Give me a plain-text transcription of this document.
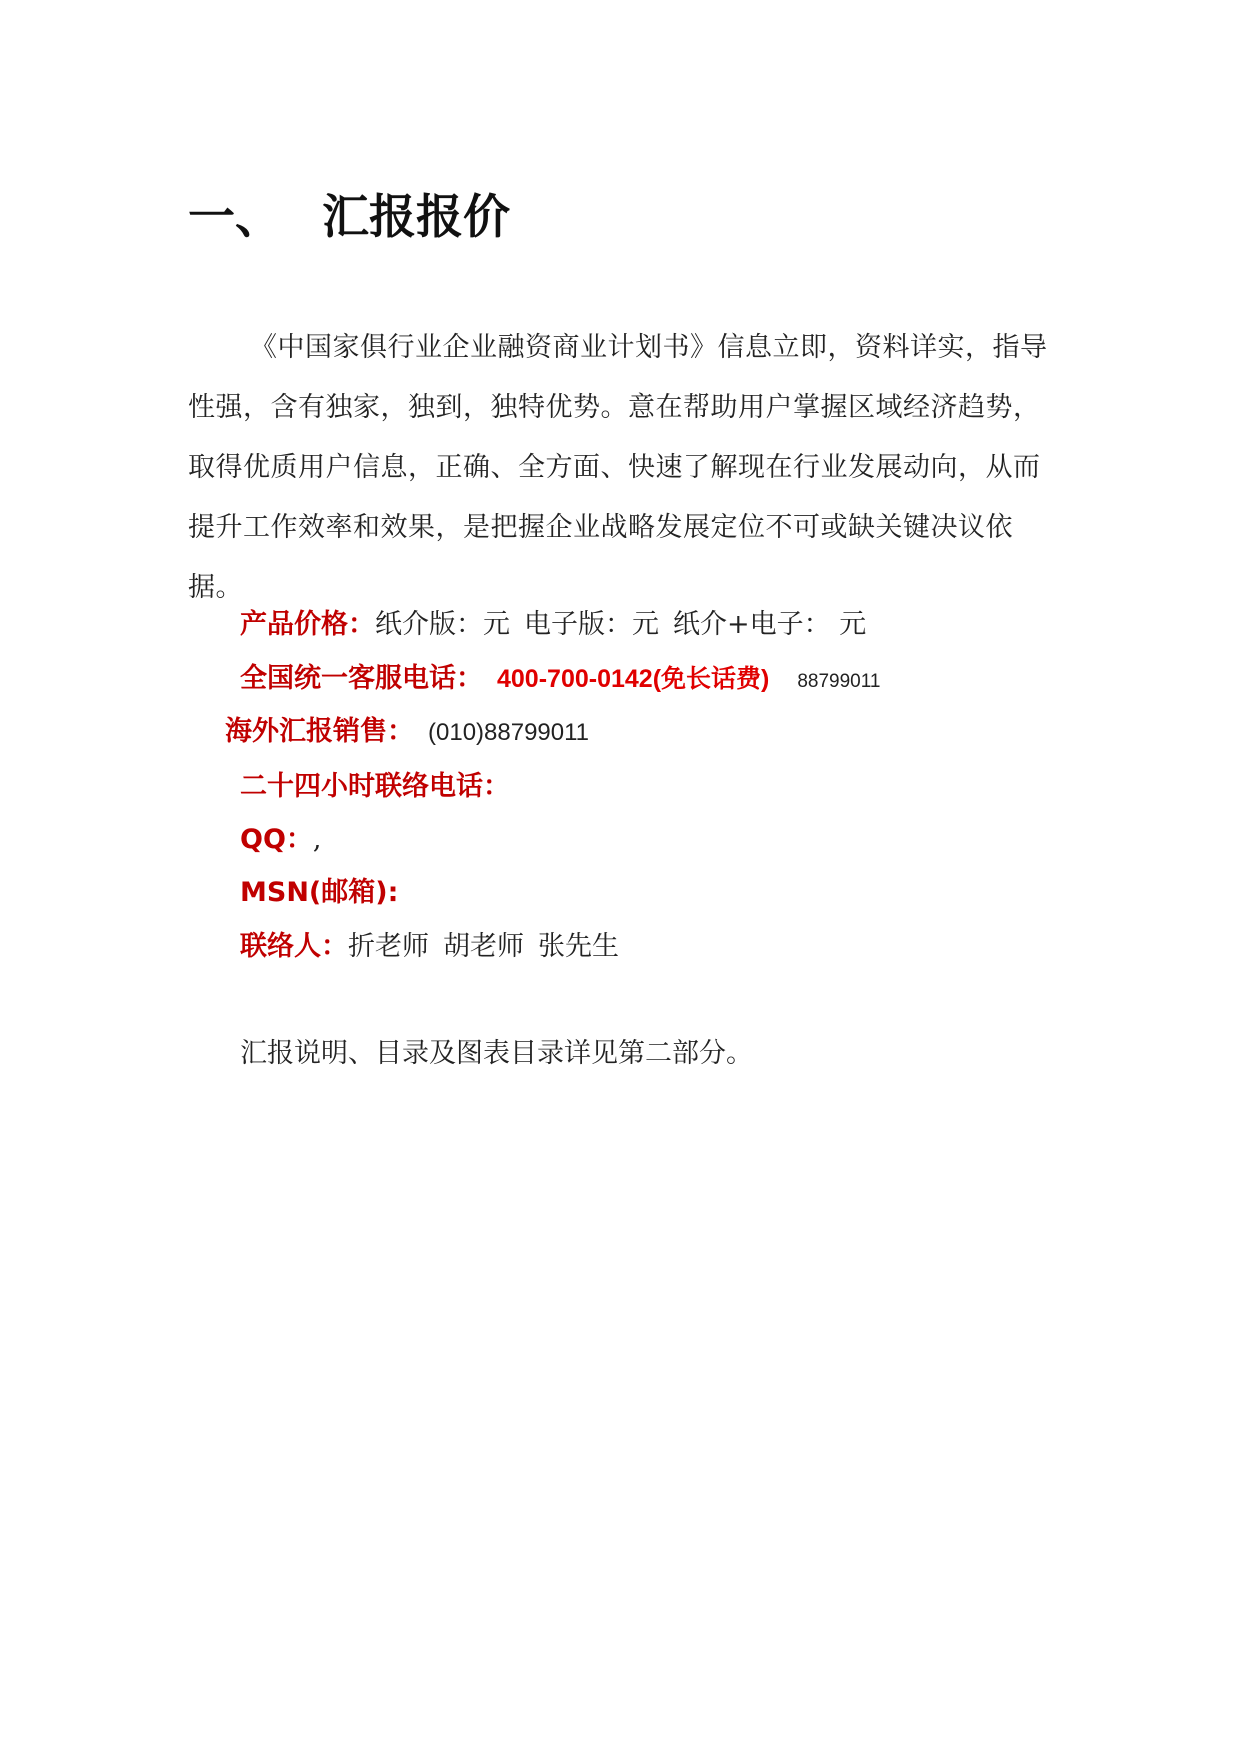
一、 汇报报价

《中国家俱行业企业融资商业计划书》信息立即，资料详实，指导性强，含有独家，独到，独特优势。意在帮助用户掌握区域经济趋势，取得优质用户信息，正确、全方面、快速了解现在行业发展动向，从而提升工作效率和效果，是把握企业战略发展定位不可或缺关键决议依据。

产品价格：纸介版：元 电子版：元 纸介+电子： 元
全国统一客服电话： 400-700-0142(免长话费) 88799011
海外汇报销售： (010)88799011
二十四小时联络电话：
QQ：,
MSN(邮箱):
联络人：折老师 胡老师 张先生
汇报说明、目录及图表目录详见第二部分。
